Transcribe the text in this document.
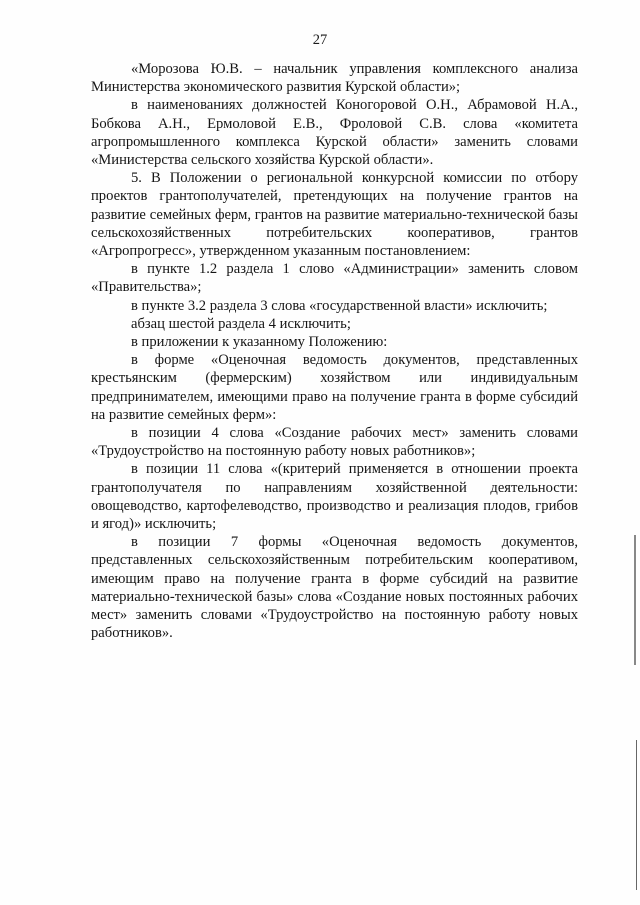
27

«Морозова Ю.В. – начальник управления комплексного анализа Министерства экономического развития Курской области»;

в наименованиях должностей Коногоровой О.Н., Абрамовой Н.А., Бобкова А.Н., Ермоловой Е.В., Фроловой С.В. слова «комитета агропромышленного комплекса Курской области» заменить словами «Министерства сельского хозяйства Курской области».

5. В Положении о региональной конкурсной комиссии по отбору проектов грантополучателей, претендующих на получение грантов на развитие семейных ферм, грантов на развитие материально-технической базы сельскохозяйственных потребительских кооперативов, грантов «Агропрогресс», утвержденном указанным постановлением:

в пункте 1.2 раздела 1 слово «Администрации» заменить словом «Правительства»;

в пункте 3.2 раздела 3 слова «государственной власти» исключить;

абзац шестой раздела 4 исключить;

в приложении к указанному Положению:

в форме «Оценочная ведомость документов, представленных крестьянским (фермерским) хозяйством или индивидуальным предпринимателем, имеющими право на получение гранта в форме субсидий на развитие семейных ферм»:

в позиции 4 слова «Создание рабочих мест» заменить словами «Трудоустройство на постоянную работу новых работников»;

в позиции 11 слова «(критерий применяется в отношении проекта грантополучателя по направлениям хозяйственной деятельности: овощеводство, картофелеводство, производство и реализация плодов, грибов и ягод)» исключить;

в позиции 7 формы «Оценочная ведомость документов, представленных сельскохозяйственным потребительским кооперативом, имеющим право на получение гранта в форме субсидий на развитие материально-технической базы» слова «Создание новых постоянных рабочих мест» заменить словами «Трудоустройство на постоянную работу новых работников».
